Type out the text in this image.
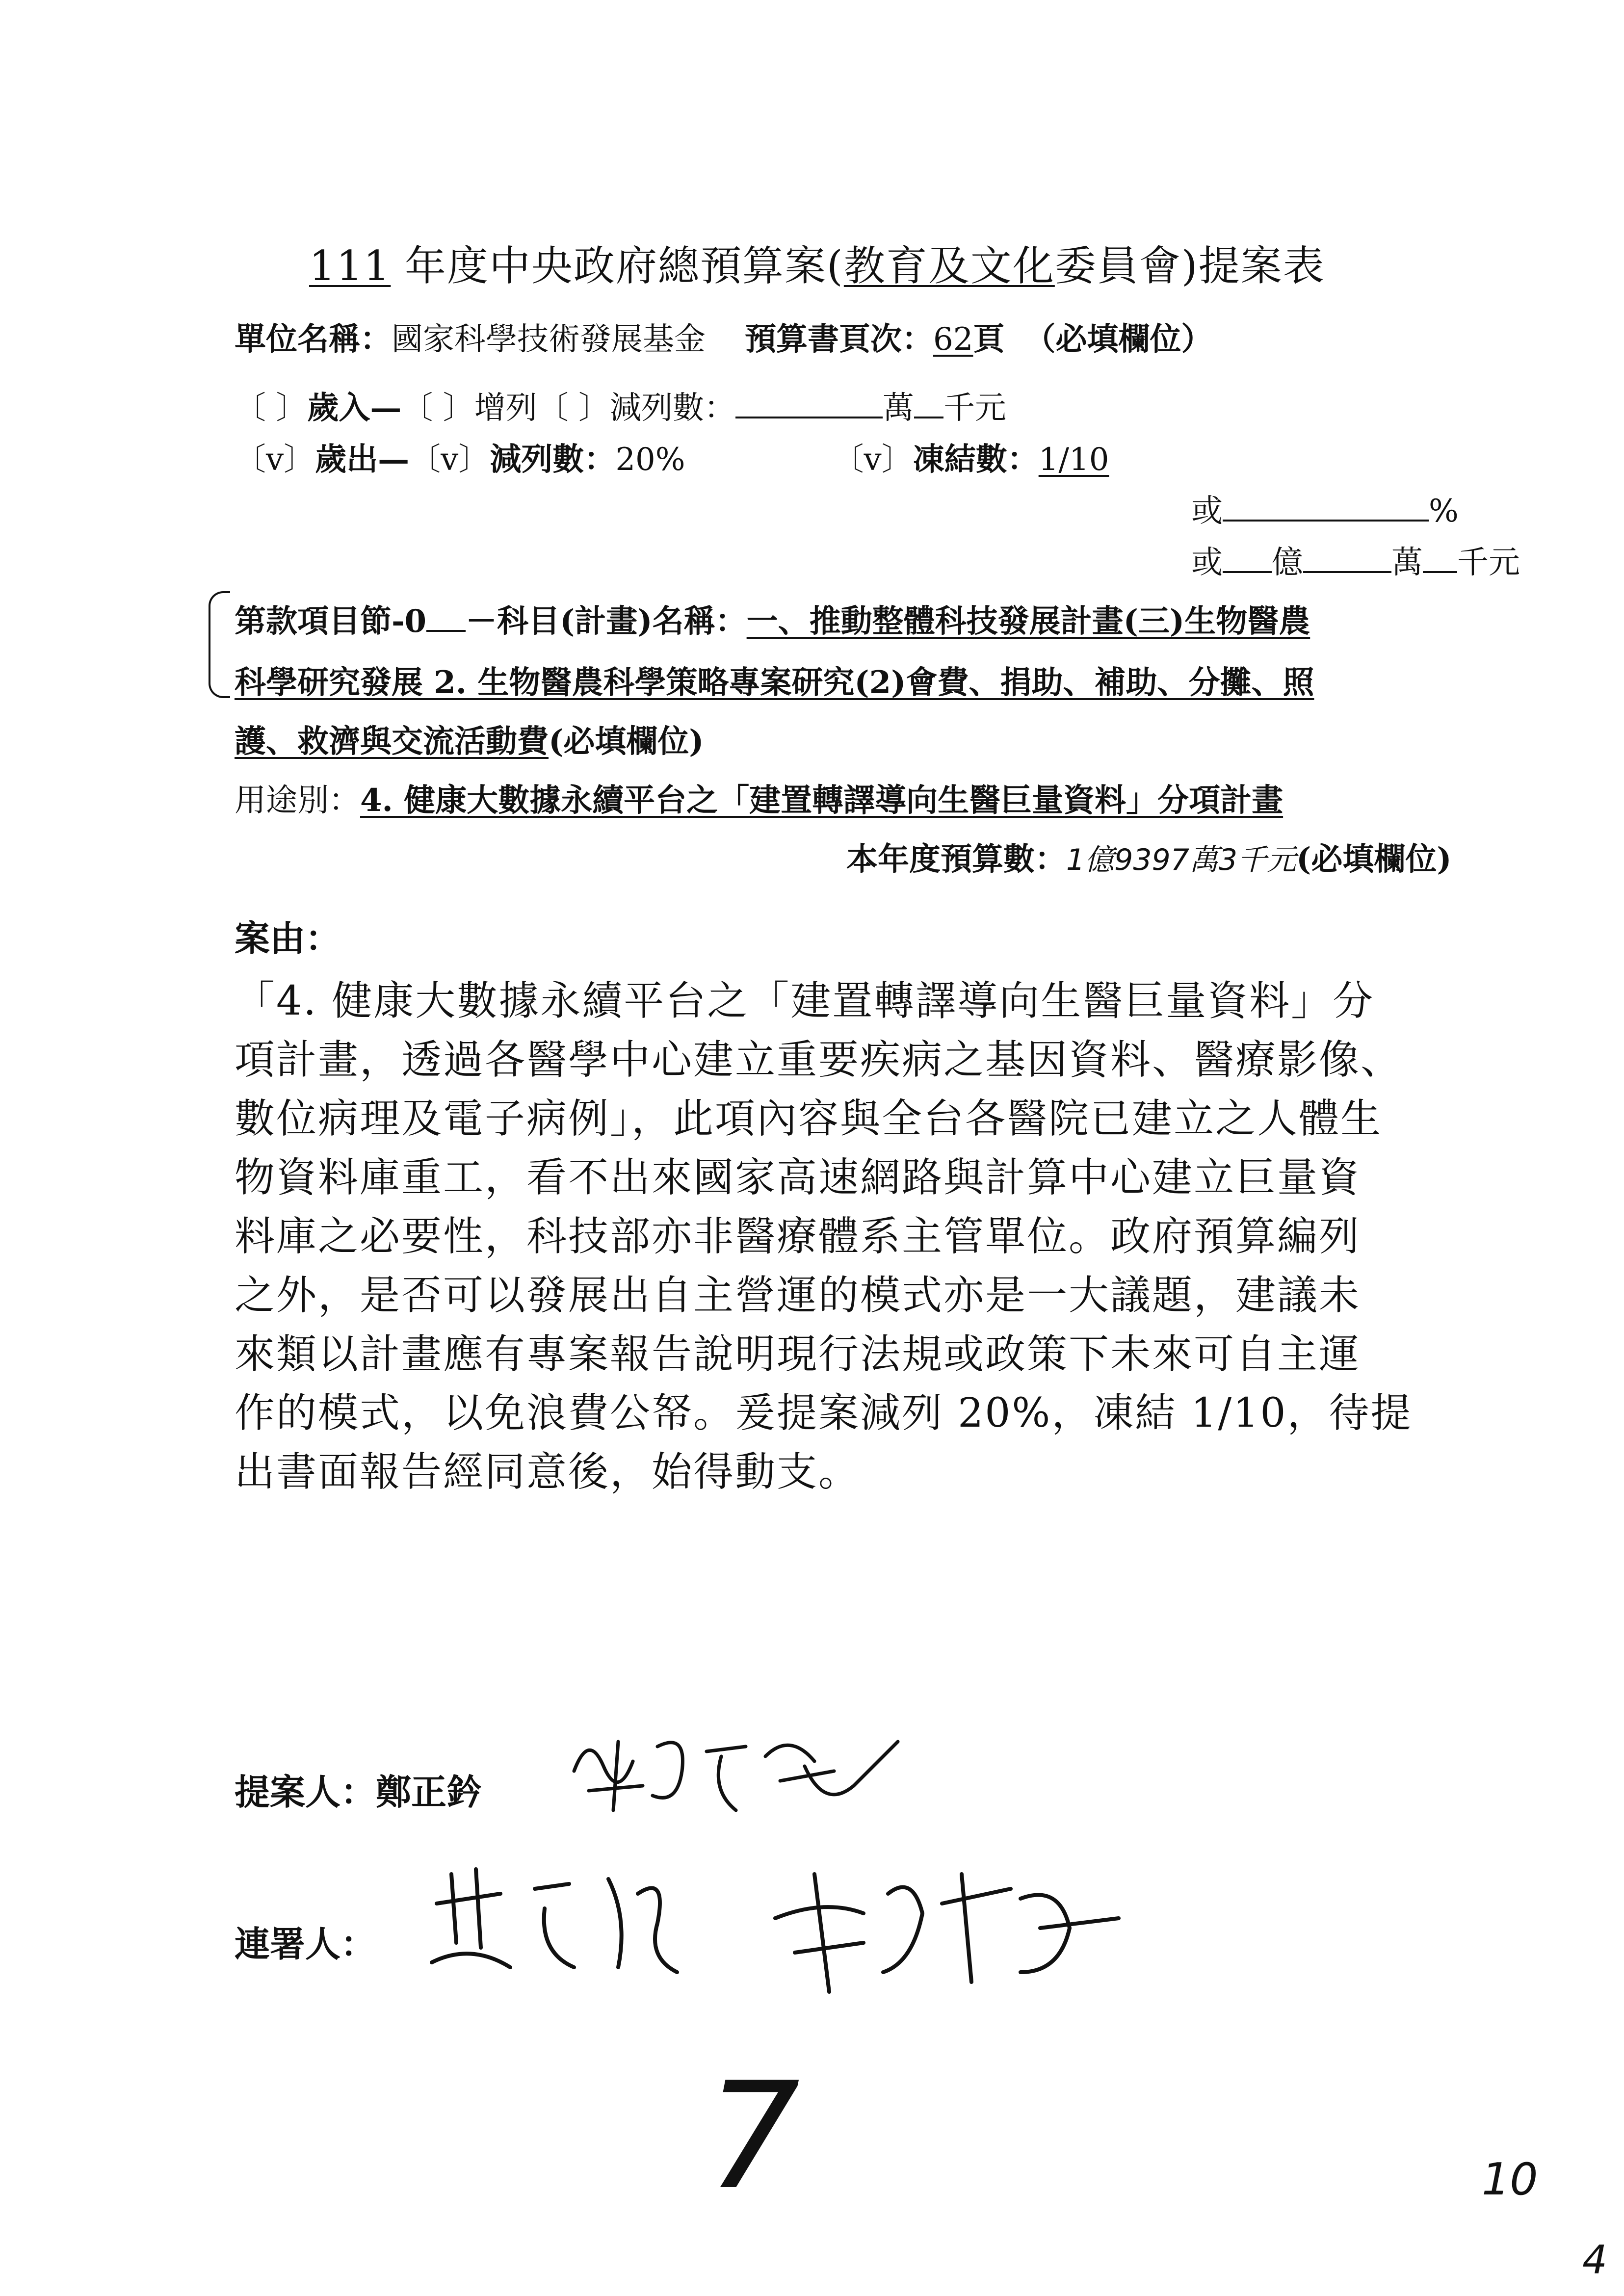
111 年度中央政府總預算案(教育及文化委員會)提案表
單位名稱：國家科學技術發展基金 預算書頁次：62頁 （必填欄位）
〔 〕歲入—〔 〕增列〔 〕減列數：	萬 千元
〔v〕歲出—〔v〕減列數：20%	〔v〕凍結數：1/10
或	%
或 億	萬 千元
第款項目節-0 －科目(計畫)名稱：一、推動整體科技發展計畫(三)生物醫農
科學研究發展 2. 生物醫農科學策略專案研究(2)會費、捐助、補助、分攤、照
護、救濟與交流活動費(必填欄位)
用途別：4. 健康大數據永續平台之「建置轉譯導向生醫巨量資料」分項計畫
本年度預算數：1億9397萬3千元(必填欄位)
案由：
「4. 健康大數據永續平台之「建置轉譯導向生醫巨量資料」分
項計畫，透過各醫學中心建立重要疾病之基因資料、醫療影像、
數位病理及電子病例」，此項內容與全台各醫院已建立之人體生
物資料庫重工，看不出來國家高速網路與計算中心建立巨量資
料庫之必要性，科技部亦非醫療體系主管單位。政府預算編列
之外，是否可以發展出自主營運的模式亦是一大議題，建議未
來類以計畫應有專案報告說明現行法規或政策下未來可自主運
作的模式，以免浪費公帑。爰提案減列 20%，凍結 1/10，待提
出書面報告經同意後，始得動支。
提案人：鄭正鈐
連署人：
7	10
4
